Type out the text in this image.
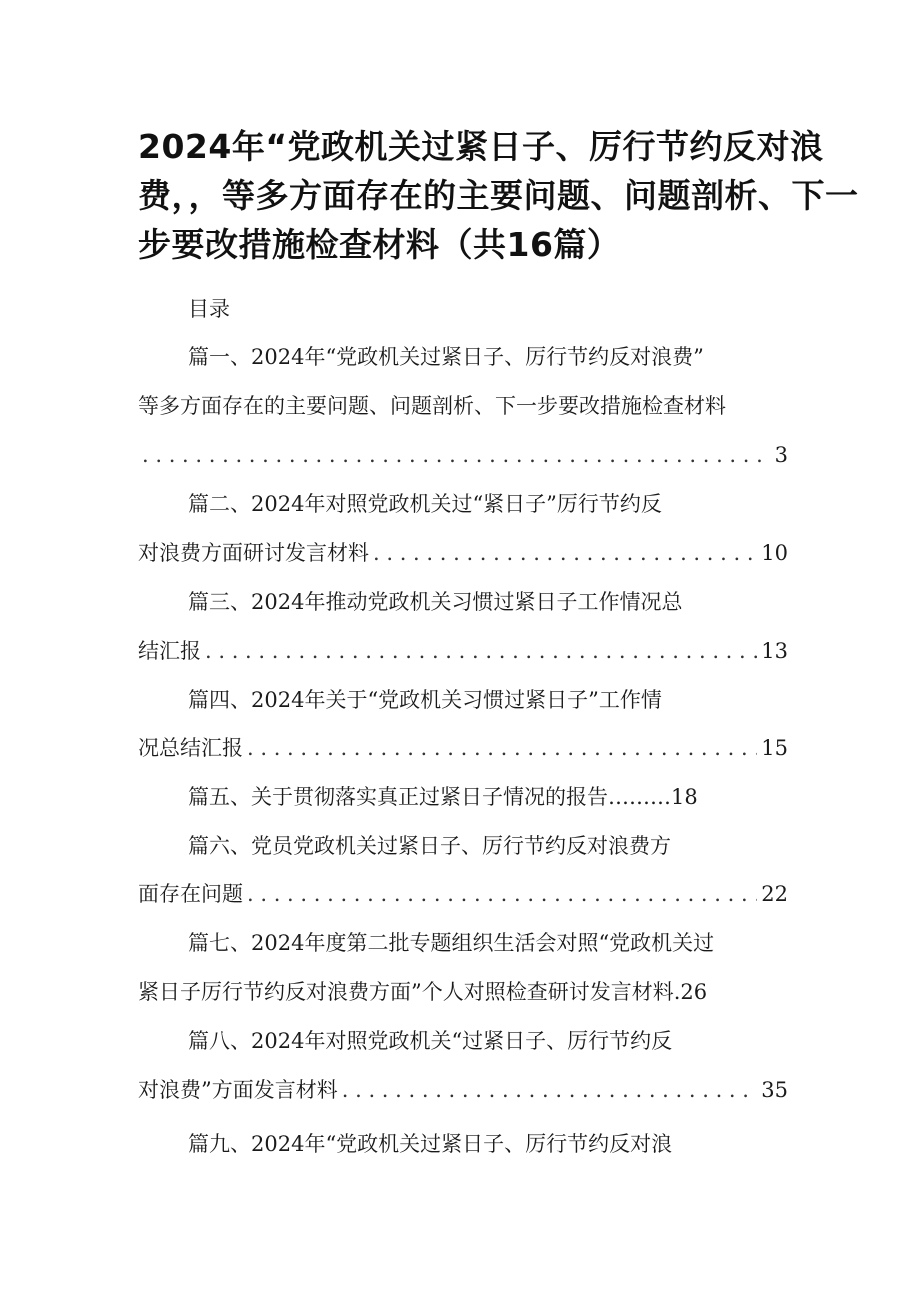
2024年“党政机关过紧日子、厉行节约反对浪
费，，等多方面存在的主要问题、问题剖析、下一
步要改措施检查材料（共16篇）
目录
篇一、2024年“党政机关过紧日子、厉行节约反对浪费”
等多方面存在的主要问题、问题剖析、下一步要改措施检查材料
. . .
3
篇二、2024年对照党政机关过“紧日子”厉行节约反
对浪费方面研讨发言材料 . . .	10
篇三、2024年推动党政机关习惯过紧日子工作情况总
结汇报 . . .	13
篇四、2024年关于“党政机关习惯过紧日子”工作情
况总结汇报 . . .	15
篇五、关于贯彻落实真正过紧日子情况的报告………18
篇六、党员党政机关过紧日子、厉行节约反对浪费方
面存在问题 . . .	22
篇七、2024年度第二批专题组织生活会对照“党政机关过
紧日子厉行节约反对浪费方面”个人对照检查研讨发言材料.26
篇八、2024年对照党政机关“过紧日子、厉行节约反
对浪费”方面发言材料 . . .	35
篇九、2024年“党政机关过紧日子、厉行节约反对浪
